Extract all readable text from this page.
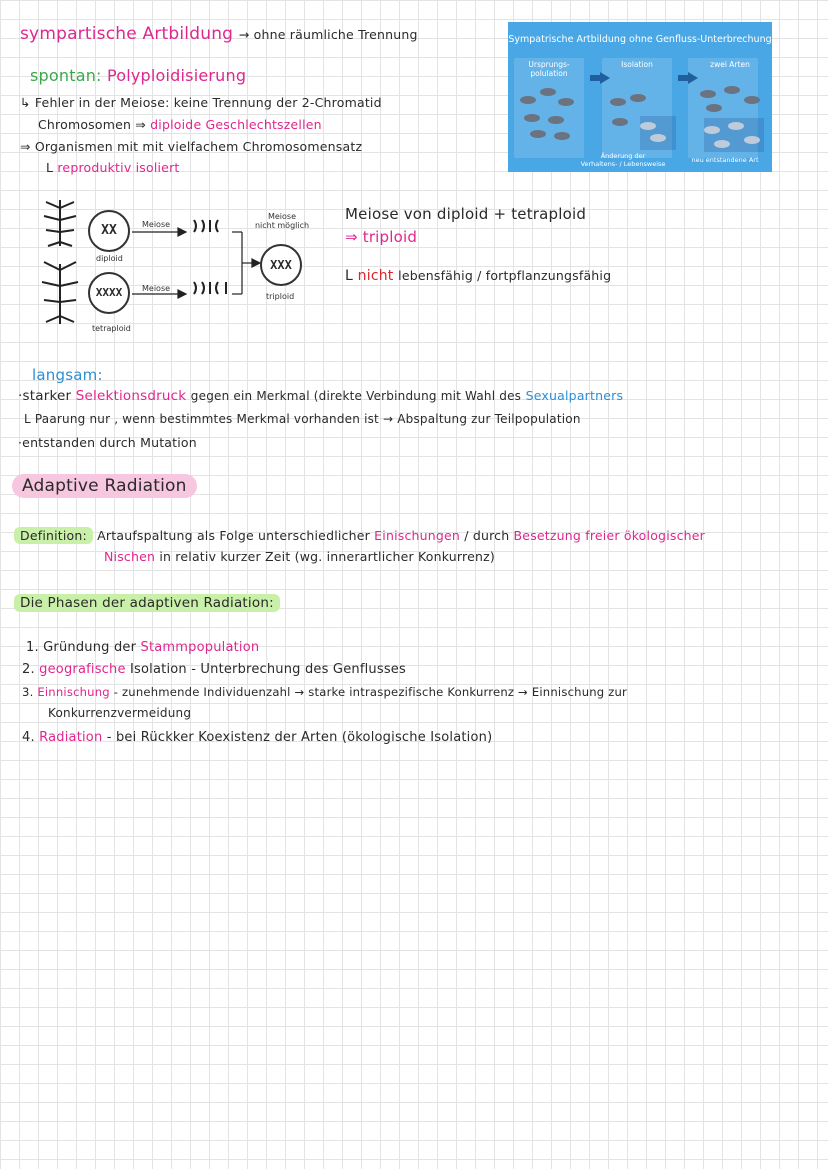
sympartische Artbildung → ohne räumliche Trennung
spontan: Polyploidisierung
↳ Fehler in der Meiose: keine Trennung der 2-Chromatid
Chromosomen ⇒ diploide Geschlechtszellen
⇒ Organismen mit mit vielfachem Chromosomensatz
L reproduktiv isoliert
Sympatrische Artbildung ohne Genfluss-Unterbrechung
Ursprungs-
polulation
Isolation	zwei Arten
Änderung der
Verhaltens- / Lebensweise	neu entstandene Art
XX
XXXX
XXX
Meiose
Meiose
Meiose
nicht möglich
diploid
tetraploid
triploid
Meiose von diploid + tetraploid
⇒ triploid
L nicht lebensfähig / fortpflanzungsfähig
langsam:
·starker Selektionsdruck gegen ein Merkmal (direkte Verbindung mit Wahl des Sexualpartners
L Paarung nur , wenn bestimmtes Merkmal vorhanden ist → Abspaltung zur Teilpopulation
·entstanden durch Mutation
Adaptive Radiation
Definition: Artaufspaltung als Folge unterschiedlicher Einischungen / durch Besetzung freier ökologischer
Nischen in relativ kurzer Zeit (wg. innerartlicher Konkurrenz)
Die Phasen der adaptiven Radiation:
1. Gründung der Stammpopulation
2. geografische Isolation - Unterbrechung des Genflusses
3. Einnischung - zunehmende Individuenzahl → starke intraspezifische Konkurrenz → Einnischung zur
Konkurrenzvermeidung
4. Radiation - bei Rückker Koexistenz der Arten (ökologische Isolation)
